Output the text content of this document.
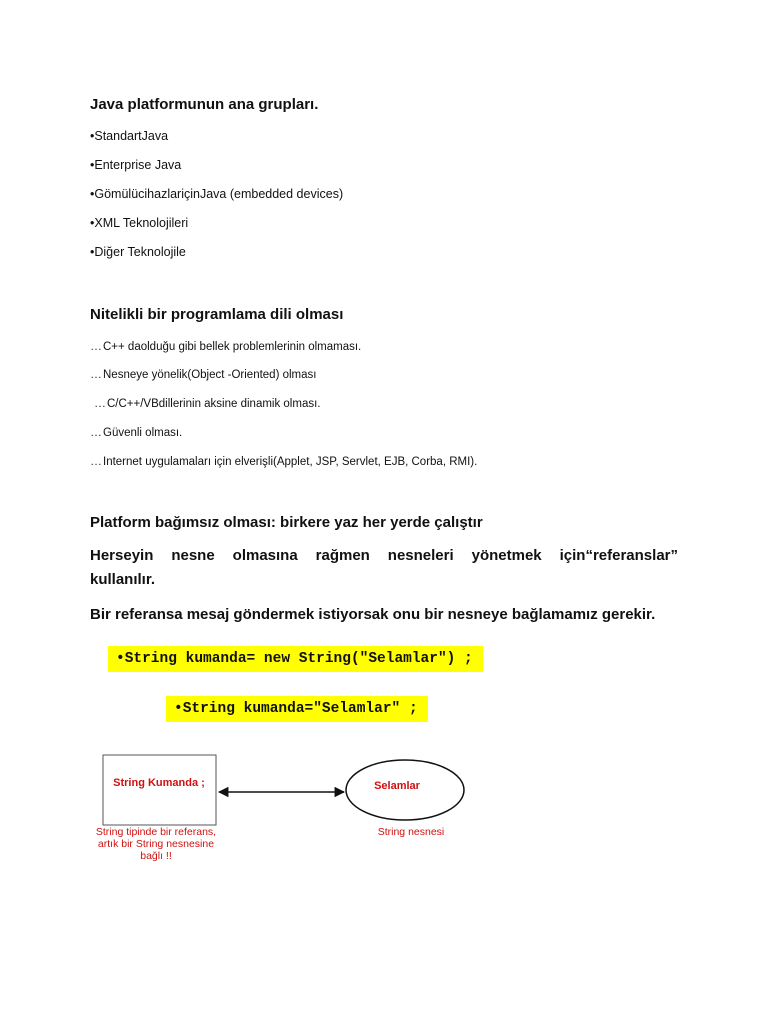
Java platformunun ana grupları.
•StandartJava
•Enterprise Java
•GömülücihazlariçinJava (embedded devices)
•XML Teknolojileri
•Diğer Teknolojile
Nitelikli bir programlama dili olması
…C++ daolduğu gibi bellek problemlerinin olmaması.
…Nesneye yönelik(Object -Oriented) olması
…C/C++/VBdillerinin aksine dinamik olması.
…Güvenli olması.
…Internet uygulamaları için elverişli(Applet, JSP, Servlet, EJB, Corba, RMI).
Platform bağımsız olması: birkere yaz her yerde çalıştır
Herseyin nesne olmasına rağmen nesneleri yönetmek için“referanslar”
kullanılır.
Bir referansa mesaj göndermek istiyorsak onu bir nesneye bağlamamız gerekir.
•String kumanda= new String("Selamlar") ;
•String kumanda="Selamlar" ;
String Kumanda ;	Selamlar
String tipinde bir referans,
artık bir String nesnesine
bağlı !!
String nesnesi
